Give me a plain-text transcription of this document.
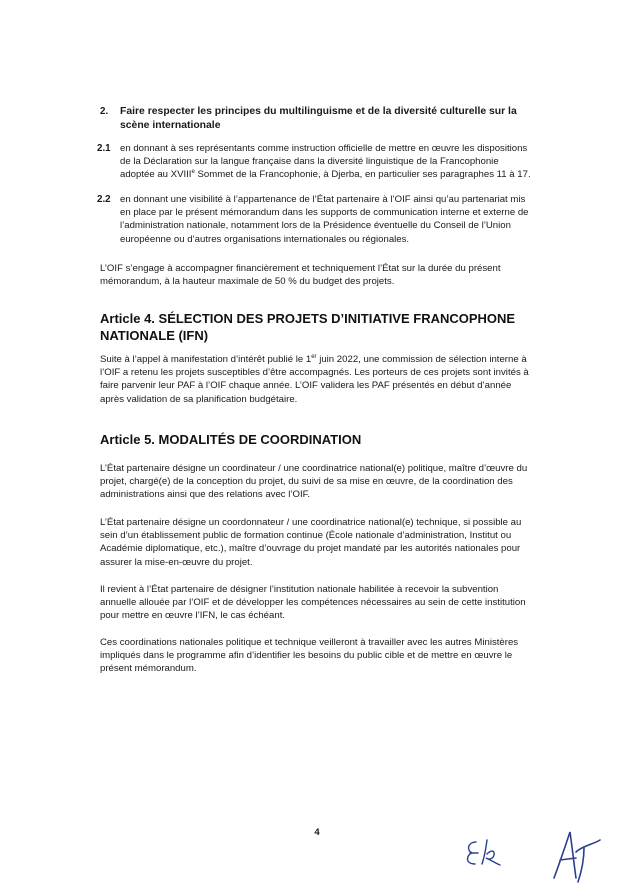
2. Faire respecter les principes du multilinguisme et de la diversité culturelle sur la scène internationale
2.1 en donnant à ses représentants comme instruction officielle de mettre en œuvre les dispositions de la Déclaration sur la langue française dans la diversité linguistique de la Francophonie adoptée au XVIIIe Sommet de la Francophonie, à Djerba, en particulier ses paragraphes 11 à 17.

2.2 en donnant une visibilité à l’appartenance de l’État partenaire à l’OIF ainsi qu’au partenariat mis en place par le présent mémorandum dans les supports de communication interne et externe de l’administration nationale, notamment lors de la Présidence éventuelle du Conseil de l’Union européenne ou d’autres organisations internationales ou régionales.

L’OIF s’engage à accompagner financièrement et techniquement l’État sur la durée du présent mémorandum, à la hauteur maximale de 50 % du budget des projets.

Article 4. SÉLECTION DES PROJETS D’INITIATIVE FRANCOPHONE NATIONALE (IFN)

Suite à l’appel à manifestation d’intérêt publié le 1er juin 2022, une commission de sélection interne à l’OIF a retenu les projets susceptibles d’être accompagnés. Les porteurs de ces projets sont invités à faire parvenir leur PAF à l’OIF chaque année. L’OIF validera les PAF présentés en début d’année après validation de sa planification budgétaire.

Article 5. MODALITÉS DE COORDINATION

L’État partenaire désigne un coordinateur / une coordinatrice national(e) politique, maître d’œuvre du projet, chargé(e) de la conception du projet, du suivi de sa mise en œuvre, de la coordination des administrations ainsi que des relations avec l’OIF.

L’État partenaire désigne un coordonnateur / une coordinatrice national(e) technique, si possible au sein d’un établissement public de formation continue (École nationale d’administration, Institut ou Académie diplomatique, etc.), maître d’ouvrage du projet mandaté par les autorités nationales pour assurer la mise-en-œuvre du projet.

Il revient à l’État partenaire de désigner l’institution nationale habilitée à recevoir la subvention annuelle allouée par l’OIF et de développer les compétences nécessaires au sein de cette institution pour mettre en œuvre l’IFN, le cas échéant.

Ces coordinations nationales politique et technique veilleront à travailler avec les autres Ministères impliqués dans le programme afin d’identifier les besoins du public cible et de mettre en œuvre le présent mémorandum.

4
